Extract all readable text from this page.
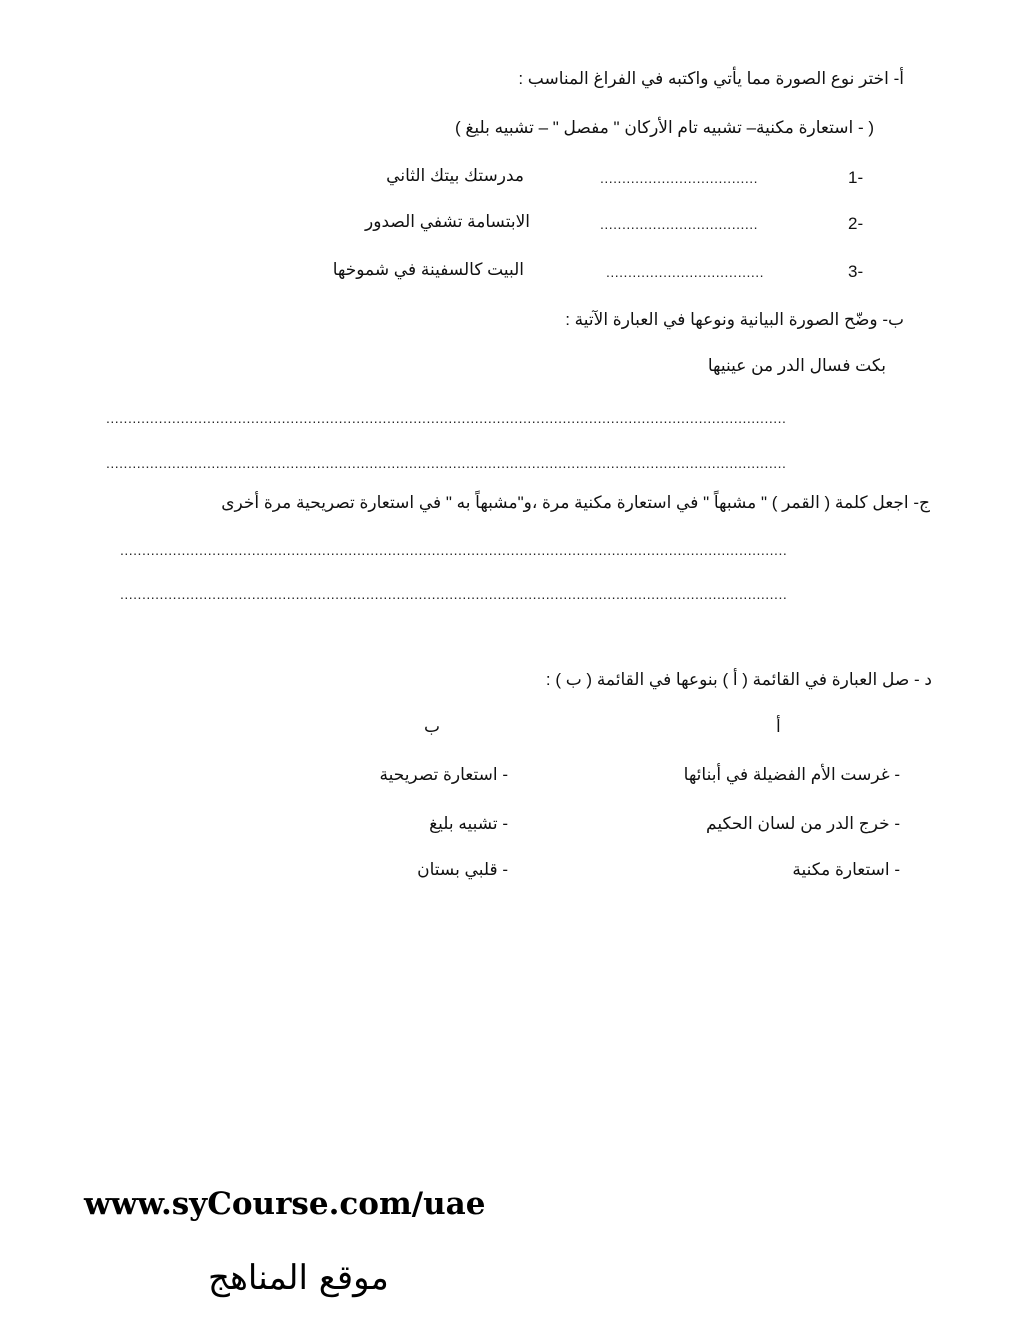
أ- اختر نوع الصورة مما يأتي واكتبه في الفراغ المناسب :
( - استعارة مكنية– تشبيه تام الأركان " مفصل " – تشبيه بليغ )
1-
....................................
مدرستك بيتك الثاني
2-
....................................
الابتسامة تشفي الصدور
3-
....................................
البيت كالسفينة في شموخها
ب- وضّح الصورة البيانية ونوعها في العبارة الآتية :
بكت فسال الدر من عينيها
...........................................................................................................................................................
...........................................................................................................................................................
ج- اجعل كلمة ( القمر ) " مشبهاً " في استعارة مكنية مرة ،و"مشبهاً به " في استعارة تصريحية مرة أخرى
........................................................................................................................................................
........................................................................................................................................................
د - صل العبارة في القائمة ( أ ) بنوعها في القائمة ( ب ) :
أ
ب
- غرست الأم الفضيلة في أبنائها
- خرج الدر من لسان الحكيم
- استعارة مكنية
- استعارة تصريحية
- تشبيه بليغ
- قلبي بستان
www.syCourse.com/uae
موقع المناهج
